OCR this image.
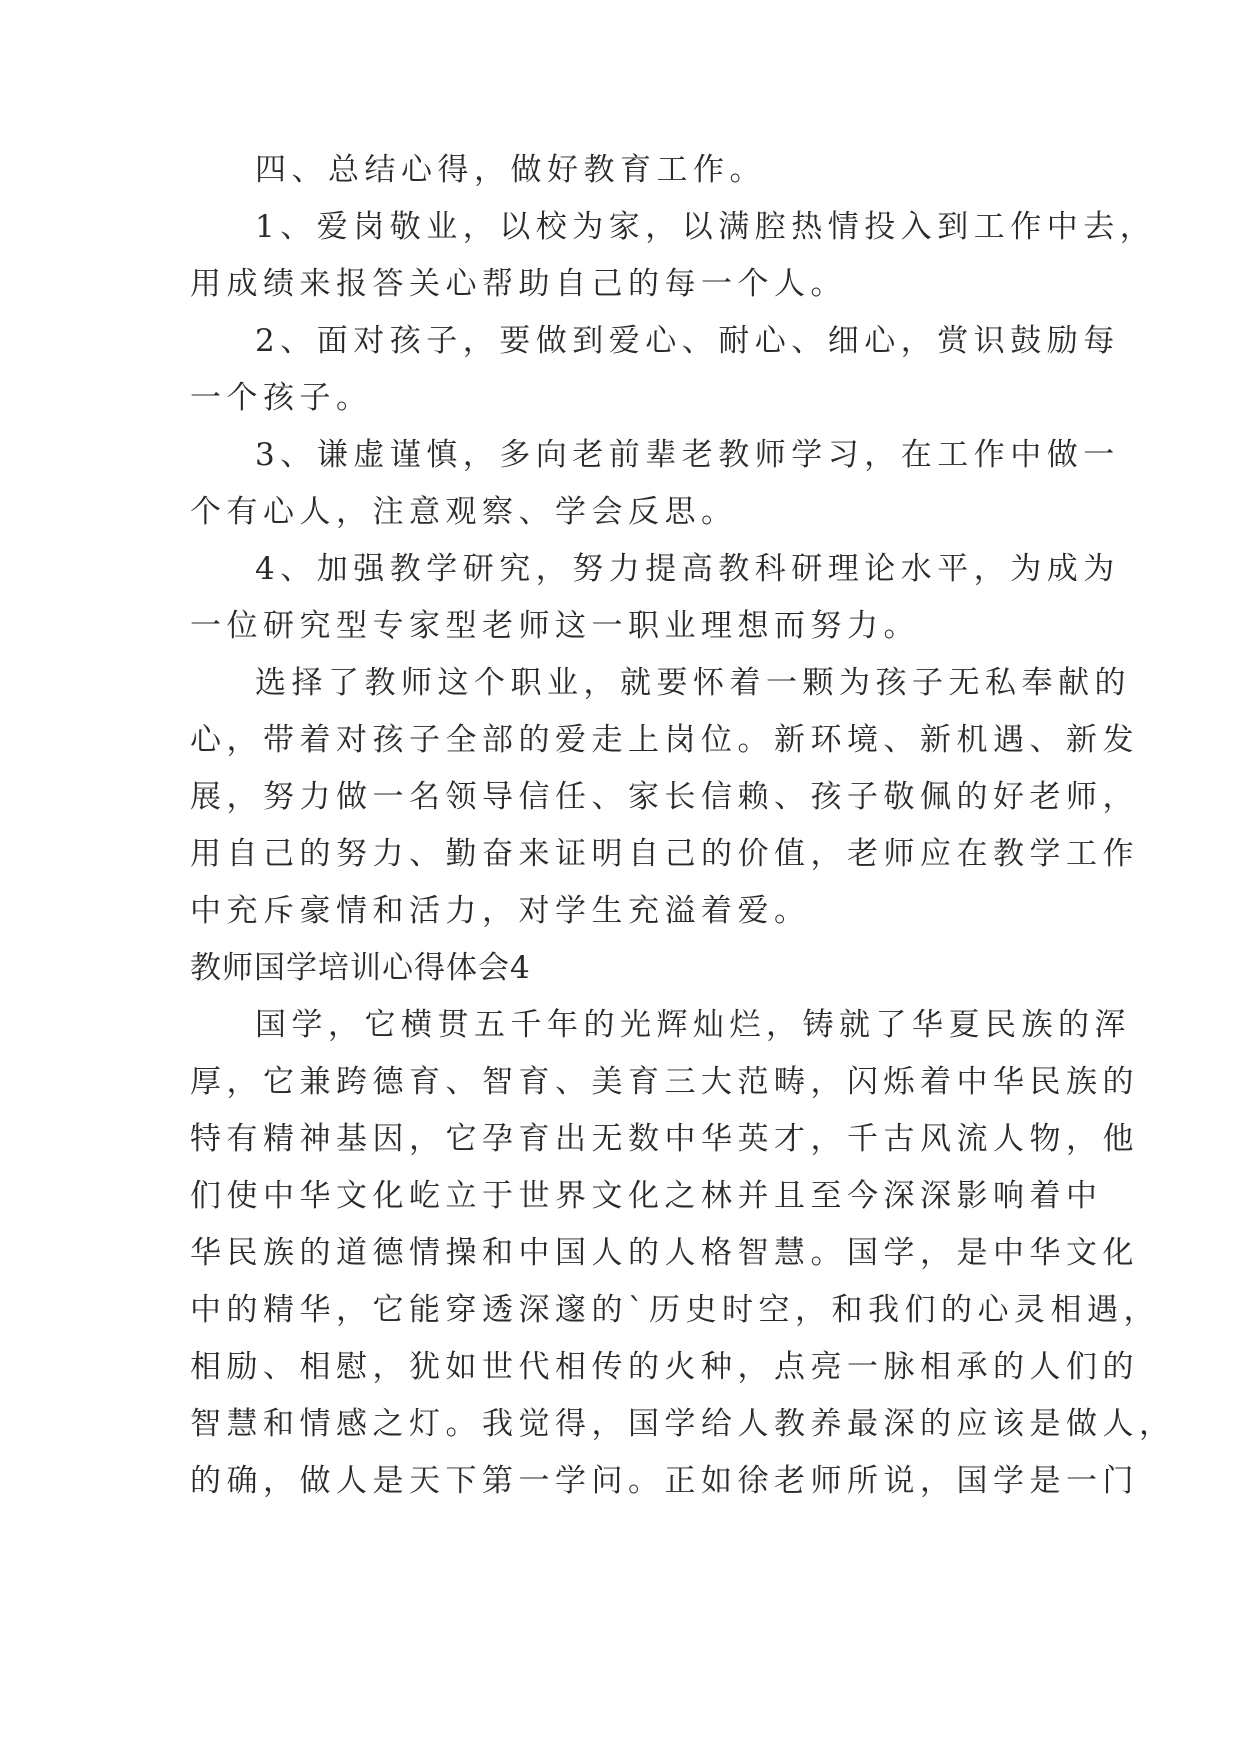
四、总结心得，做好教育工作。
1、爱岗敬业，以校为家，以满腔热情投入到工作中去，
用成绩来报答关心帮助自己的每一个人。
2、面对孩子，要做到爱心、耐心、细心，赏识鼓励每
一个孩子。
3、谦虚谨慎，多向老前辈老教师学习，在工作中做一
个有心人，注意观察、学会反思。
4、加强教学研究，努力提高教科研理论水平，为成为
一位研究型专家型老师这一职业理想而努力。
选择了教师这个职业，就要怀着一颗为孩子无私奉献的
心，带着对孩子全部的爱走上岗位。新环境、新机遇、新发
展，努力做一名领导信任、家长信赖、孩子敬佩的好老师，
用自己的努力、勤奋来证明自己的价值，老师应在教学工作
中充斥豪情和活力，对学生充溢着爱。
教师国学培训心得体会4
国学，它横贯五千年的光辉灿烂，铸就了华夏民族的浑
厚，它兼跨德育、智育、美育三大范畴，闪烁着中华民族的
特有精神基因，它孕育出无数中华英才，千古风流人物，他
们使中华文化屹立于世界文化之林并且至今深深影响着中
华民族的道德情操和中国人的人格智慧。国学，是中华文化
中的精华，它能穿透深邃的`历史时空，和我们的心灵相遇，
相励、相慰，犹如世代相传的火种，点亮一脉相承的人们的
智慧和情感之灯。我觉得，国学给人教养最深的应该是做人，
的确，做人是天下第一学问。正如徐老师所说，国学是一门
